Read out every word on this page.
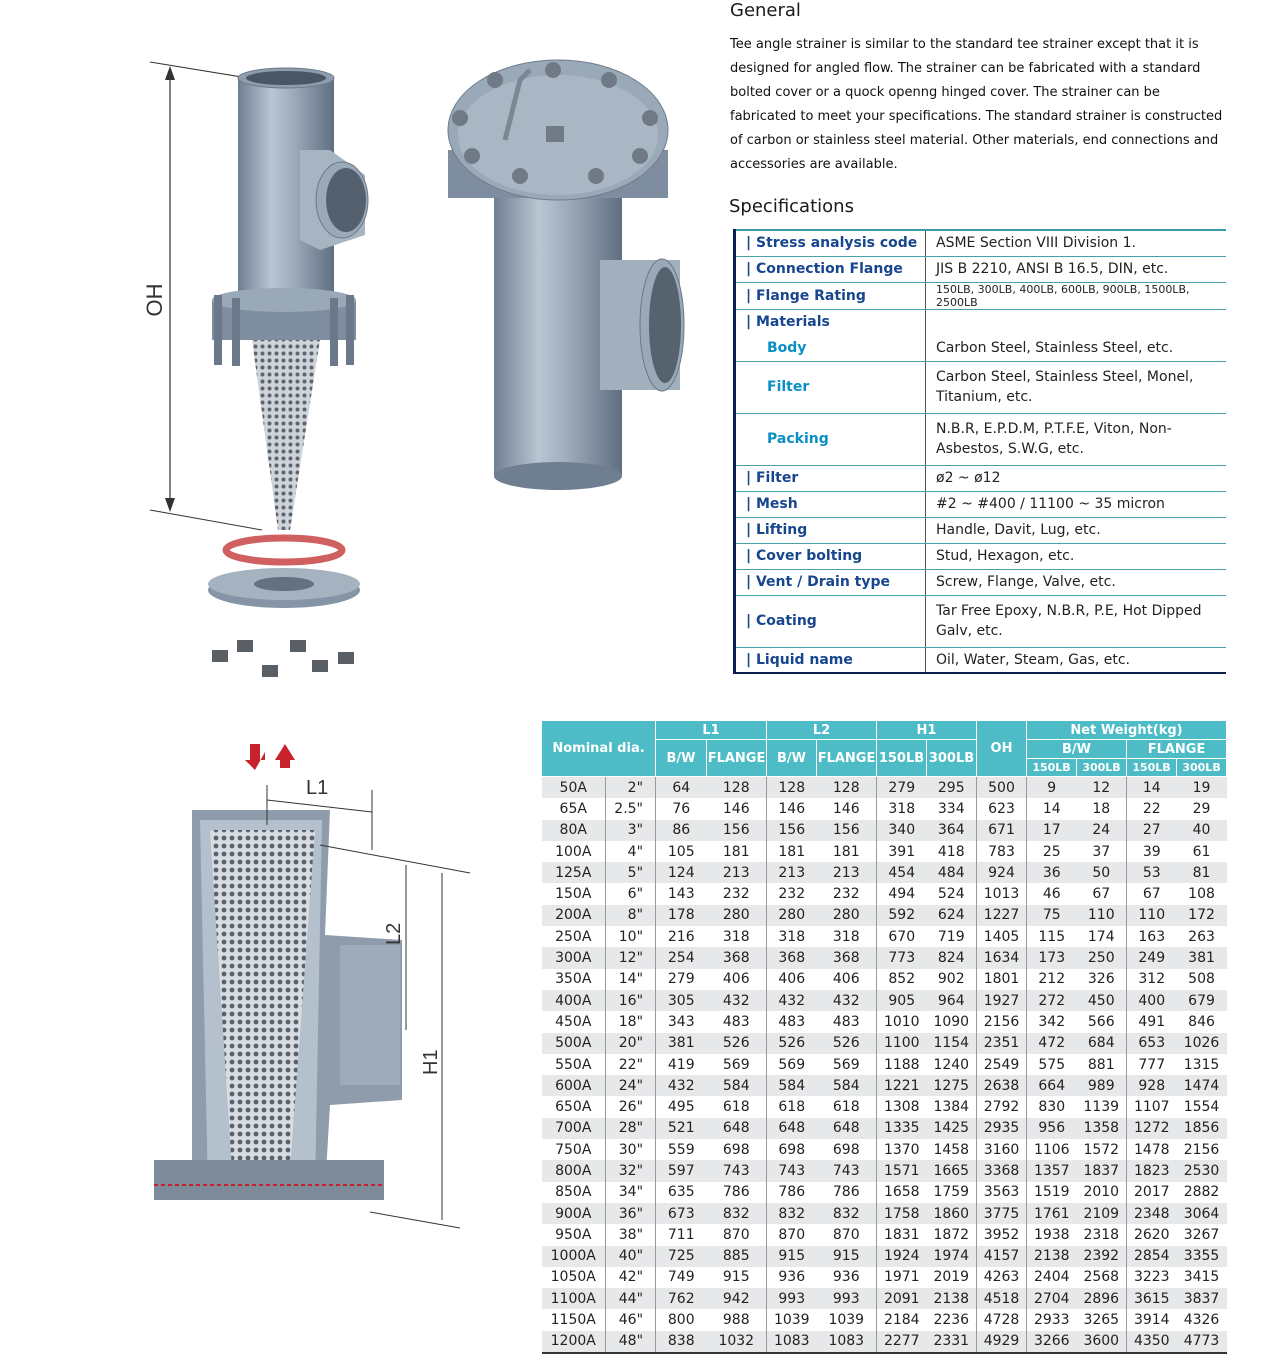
OH
L1
L2
H1
General
Tee angle strainer is similar to the standard tee strainer except that it is designed for angled flow. The strainer can be fabricated with a standard bolted cover or a quock openng hinged cover. The strainer can be fabricated to meet your specifications. The standard strainer is constructed of carbon or stainless steel material. Other materials, end connections and accessories are available.
Specifications
| Stress analysis code	ASME Section VIII Division 1.
| Connection Flange	JIS B 2210, ANSI B 16.5, DIN, etc.
| Flange Rating	150LB, 300LB, 400LB, 600LB, 900LB, 1500LB, 2500LB
| Materials	
Body	Carbon Steel, Stainless Steel, etc.
Filter	Carbon Steel, Stainless Steel, Monel, Titanium, etc.
Packing	N.B.R, E.P.D.M, P.T.F.E, Viton, Non-Asbestos, S.W.G, etc.
| Filter	ø2 ~ ø12
| Mesh	#2 ~ #400 / 11100 ~ 35 micron
| Lifting	Handle, Davit, Lug, etc.
| Cover bolting	Stud, Hexagon, etc.
| Vent / Drain type	Screw, Flange, Valve, etc.
| Coating	Tar Free Epoxy, N.B.R, P.E, Hot Dipped Galv, etc.
| Liquid name	Oil, Water, Steam, Gas, etc.
Nominal dia.		L1		L2		H1		OH	Net Weight(kg)			
		B/W	FLANGE	B/W	FLANGE	150LB	300LB		B/W		FLANGE	
									150LB	300LB	150LB	300LB
50A	2"	64	128	128	128	279	295	500	9	12	14	19
65A	2.5"	76	146	146	146	318	334	623	14	18	22	29
80A	3"	86	156	156	156	340	364	671	17	24	27	40
100A	4"	105	181	181	181	391	418	783	25	37	39	61
125A	5"	124	213	213	213	454	484	924	36	50	53	81
150A	6"	143	232	232	232	494	524	1013	46	67	67	108
200A	8"	178	280	280	280	592	624	1227	75	110	110	172
250A	10"	216	318	318	318	670	719	1405	115	174	163	263
300A	12"	254	368	368	368	773	824	1634	173	250	249	381
350A	14"	279	406	406	406	852	902	1801	212	326	312	508
400A	16"	305	432	432	432	905	964	1927	272	450	400	679
450A	18"	343	483	483	483	1010	1090	2156	342	566	491	846
500A	20"	381	526	526	526	1100	1154	2351	472	684	653	1026
550A	22"	419	569	569	569	1188	1240	2549	575	881	777	1315
600A	24"	432	584	584	584	1221	1275	2638	664	989	928	1474
650A	26"	495	618	618	618	1308	1384	2792	830	1139	1107	1554
700A	28"	521	648	648	648	1335	1425	2935	956	1358	1272	1856
750A	30"	559	698	698	698	1370	1458	3160	1106	1572	1478	2156
800A	32"	597	743	743	743	1571	1665	3368	1357	1837	1823	2530
850A	34"	635	786	786	786	1658	1759	3563	1519	2010	2017	2882
900A	36"	673	832	832	832	1758	1860	3775	1761	2109	2348	3064
950A	38"	711	870	870	870	1831	1872	3952	1938	2318	2620	3267
1000A	40"	725	885	915	915	1924	1974	4157	2138	2392	2854	3355
1050A	42"	749	915	936	936	1971	2019	4263	2404	2568	3223	3415
1100A	44"	762	942	993	993	2091	2138	4518	2704	2896	3615	3837
1150A	46"	800	988	1039	1039	2184	2236	4728	2933	3265	3914	4326
1200A	48"	838	1032	1083	1083	2277	2331	4929	3266	3600	4350	4773
